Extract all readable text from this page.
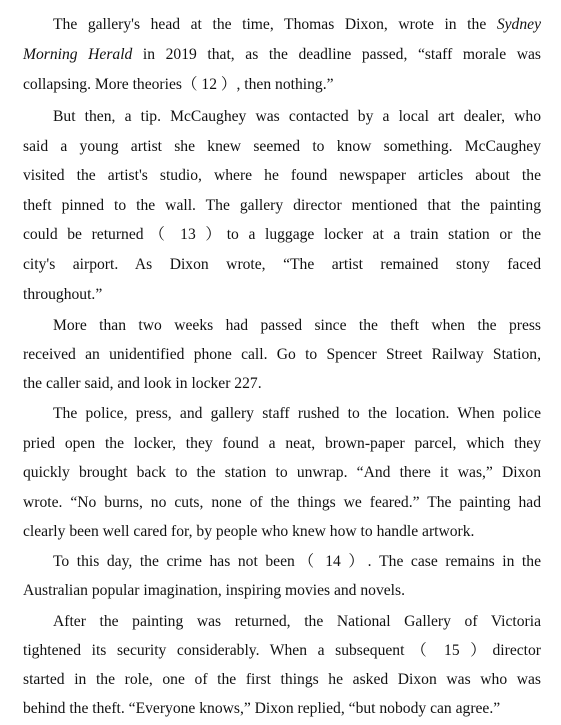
The gallery's head at the time, Thomas Dixon, wrote in the Sydney
Morning Herald in 2019 that, as the deadline passed, “staff morale was
collapsing. More theories（ 12 ）, then nothing.”
But then, a tip. McCaughey was contacted by a local art dealer, who
said a young artist she knew seemed to know something. McCaughey
visited the artist's studio, where he found newspaper articles about the
theft pinned to the wall. The gallery director mentioned that the painting
could be returned（ 13 ）to a luggage locker at a train station or the
city's airport. As Dixon wrote, “The artist remained stony faced
throughout.”
More than two weeks had passed since the theft when the press
received an unidentified phone call. Go to Spencer Street Railway Station,
the caller said, and look in locker 227.
The police, press, and gallery staff rushed to the location. When police
pried open the locker, they found a neat, brown-paper parcel, which they
quickly brought back to the station to unwrap. “And there it was,” Dixon
wrote. “No burns, no cuts, none of the things we feared.” The painting had
clearly been well cared for, by people who knew how to handle artwork.
To this day, the crime has not been（ 14 ）. The case remains in the
Australian popular imagination, inspiring movies and novels.
After the painting was returned, the National Gallery of Victoria
tightened its security considerably. When a subsequent（ 15 ）director
started in the role, one of the first things he asked Dixon was who was
behind the theft. “Everyone knows,” Dixon replied, “but nobody can agree.”
